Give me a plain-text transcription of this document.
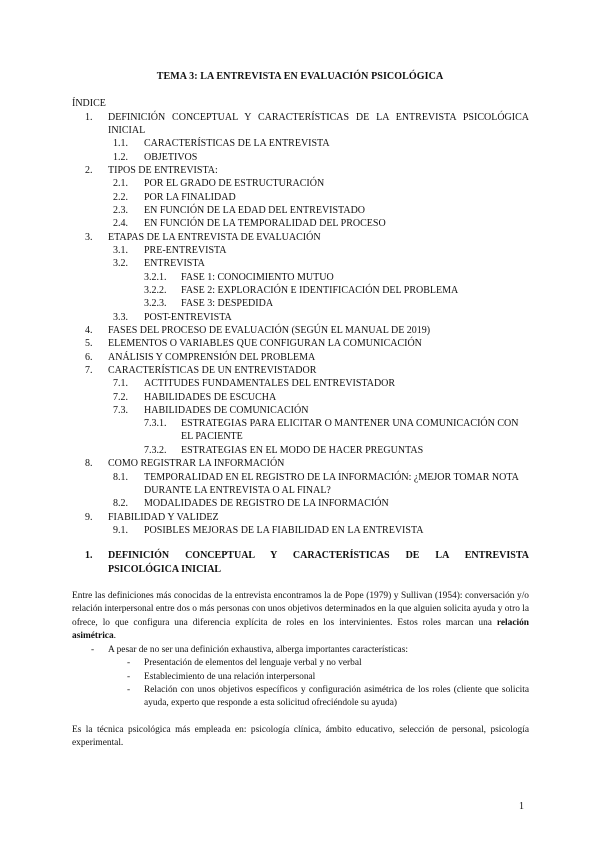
TEMA 3: LA ENTREVISTA EN EVALUACIÓN PSICOLÓGICA
ÍNDICE
1. DEFINICIÓN CONCEPTUAL Y CARACTERÍSTICAS DE LA ENTREVISTA PSICOLÓGICA
INICIAL
1.1. CARACTERÍSTICAS DE LA ENTREVISTA
1.2. OBJETIVOS
2. TIPOS DE ENTREVISTA:
2.1. POR EL GRADO DE ESTRUCTURACIÓN
2.2. POR LA FINALIDAD
2.3. EN FUNCIÓN DE LA EDAD DEL ENTREVISTADO
2.4. EN FUNCIÓN DE LA TEMPORALIDAD DEL PROCESO
3. ETAPAS DE LA ENTREVISTA DE EVALUACIÓN
3.1. PRE-ENTREVISTA
3.2. ENTREVISTA
3.2.1. FASE 1: CONOCIMIENTO MUTUO
3.2.2. FASE 2: EXPLORACIÓN E IDENTIFICACIÓN DEL PROBLEMA
3.2.3. FASE 3: DESPEDIDA
3.3. POST-ENTREVISTA
4. FASES DEL PROCESO DE EVALUACIÓN (SEGÚN EL MANUAL DE 2019)
5. ELEMENTOS O VARIABLES QUE CONFIGURAN LA COMUNICACIÓN
6. ANÁLISIS Y COMPRENSIÓN DEL PROBLEMA
7. CARACTERÍSTICAS DE UN ENTREVISTADOR
7.1. ACTITUDES FUNDAMENTALES DEL ENTREVISTADOR
7.2. HABILIDADES DE ESCUCHA
7.3. HABILIDADES DE COMUNICACIÓN
7.3.1. ESTRATEGIAS PARA ELICITAR O MANTENER UNA COMUNICACIÓN CON
EL PACIENTE
7.3.2. ESTRATEGIAS EN EL MODO DE HACER PREGUNTAS
8. COMO REGISTRAR LA INFORMACIÓN
8.1. TEMPORALIDAD EN EL REGISTRO DE LA INFORMACIÓN: ¿MEJOR TOMAR NOTA
DURANTE LA ENTREVISTA O AL FINAL?
8.2. MODALIDADES DE REGISTRO DE LA INFORMACIÓN
9. FIABILIDAD Y VALIDEZ
9.1. POSIBLES MEJORAS DE LA FIABILIDAD EN LA ENTREVISTA
1. DEFINICIÓN CONCEPTUAL Y CARACTERÍSTICAS DE LA ENTREVISTA
PSICOLÓGICA INICIAL
Entre las definiciones más conocidas de la entrevista encontramos la de Pope (1979) y Sullivan (1954): conversación y/o relación interpersonal entre dos o más personas con unos objetivos determinados en la que alguien solicita ayuda y otro la ofrece, lo que configura una diferencia explícita de roles en los intervinientes. Estos roles marcan una relación asimétrica.
- A pesar de no ser una definición exhaustiva, alberga importantes características:
- Presentación de elementos del lenguaje verbal y no verbal
- Establecimiento de una relación interpersonal
- Relación con unos objetivos específicos y configuración asimétrica de los roles (cliente que solicita ayuda, experto que responde a esta solicitud ofreciéndole su ayuda)
Es la técnica psicológica más empleada en: psicología clínica, ámbito educativo, selección de personal, psicología experimental.
1
